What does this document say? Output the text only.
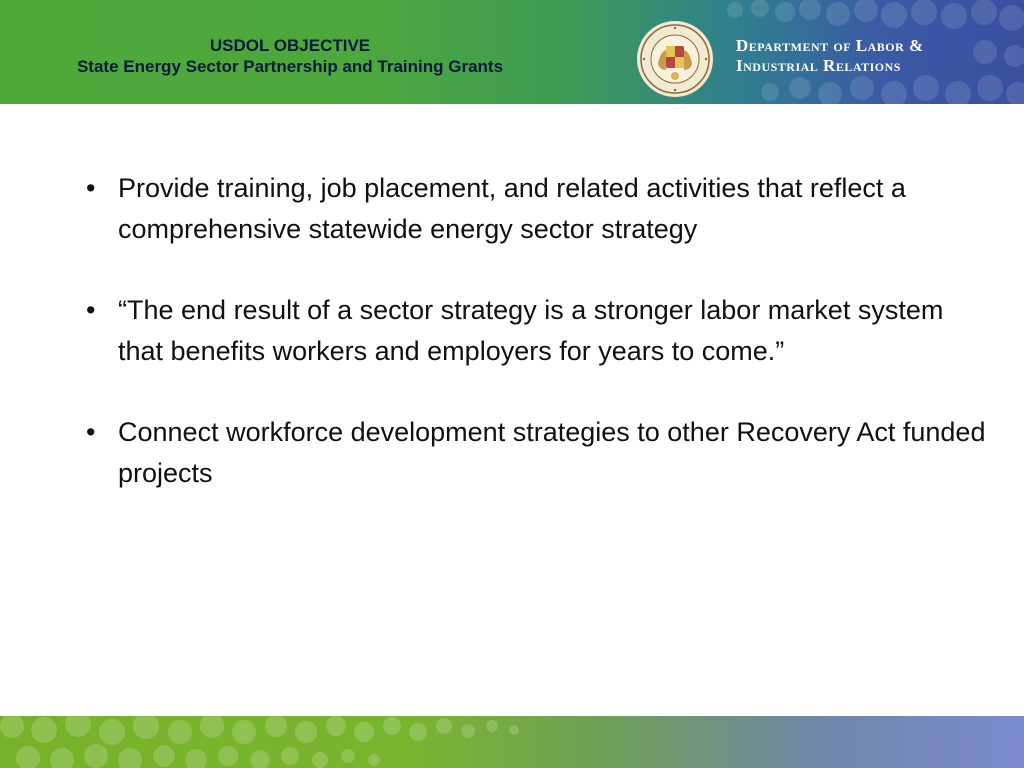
USDOL OBJECTIVE
State Energy Sector Partnership and Training Grants
Department of Labor &
Industrial Relations
• Provide training, job placement, and related activities that reflect a comprehensive statewide energy sector strategy
• “The end result of a sector strategy is a stronger labor market system that benefits workers and employers for years to come.”
• Connect workforce development strategies to other Recovery Act funded projects
